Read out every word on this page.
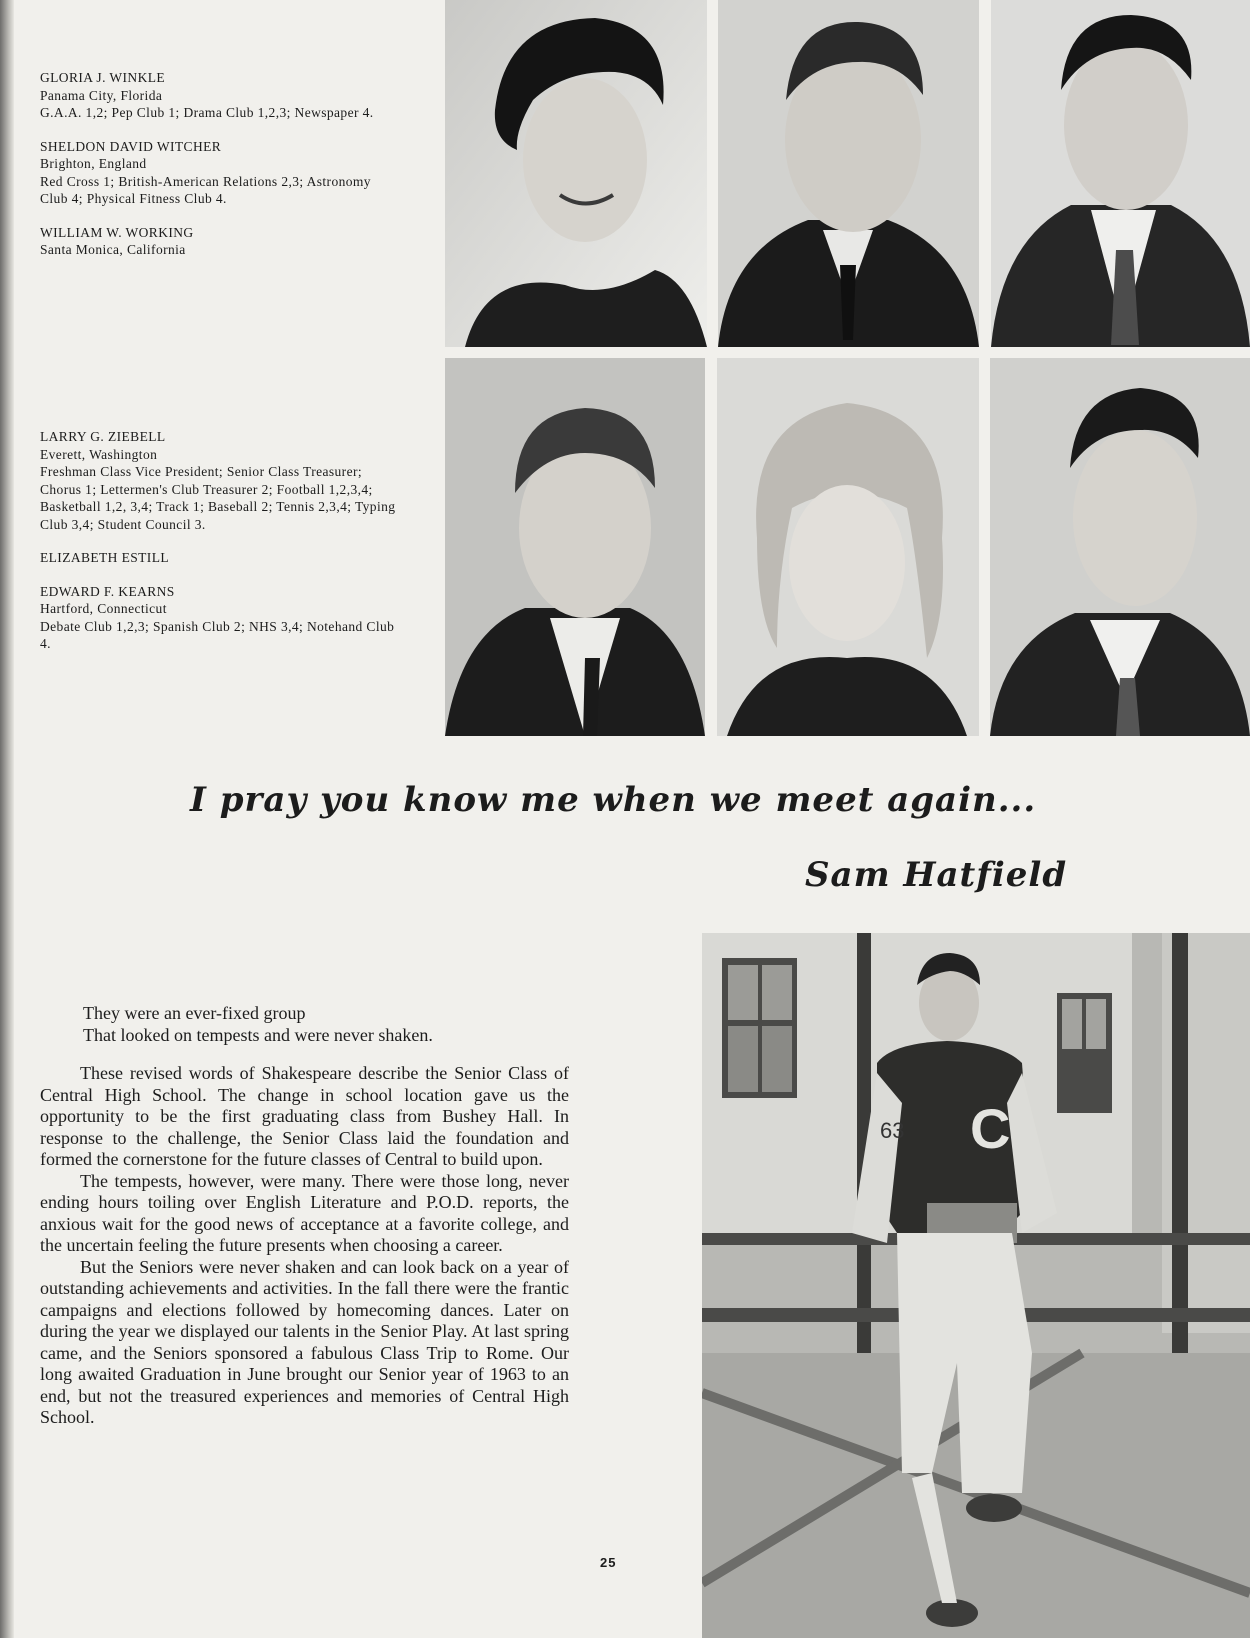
GLORIA J. WINKLE

Panama City, Florida

G.A.A. 1,2; Pep Club 1; Drama Club 1,2,3; Newspaper 4.

SHELDON DAVID WITCHER

Brighton, England

Red Cross 1; British-American Relations 2,3; Astronomy Club 4; Physical Fitness Club 4.

WILLIAM W. WORKING

Santa Monica, California

LARRY G. ZIEBELL

Everett, Washington

Freshman Class Vice President; Senior Class Treasurer; Chorus 1; Lettermen's Club Treasurer 2; Football 1,2,3,4; Basketball 1,2, 3,4; Track 1; Baseball 2; Tennis 2,3,4; Typing Club 3,4; Student Council 3.

ELIZABETH ESTILL

EDWARD F. KEARNS

Hartford, Connecticut

Debate Club 1,2,3; Spanish Club 2; NHS 3,4; Notehand Club 4.

I pray you know me when we meet again...
Sam Hatfield

They were an ever-fixed group

That looked on tempests and were never shaken.

These revised words of Shakespeare describe the Senior Class of Central High School. The change in school location gave us the opportunity to be the first graduating class from Bushey Hall. In response to the challenge, the Senior Class laid the foundation and formed the cornerstone for the future classes of Central to build upon.

The tempests, however, were many. There were those long, never ending hours toiling over English Literature and P.O.D. reports, the anxious wait for the good news of acceptance at a favorite college, and the uncertain feeling the future presents when choosing a career.

But the Seniors were never shaken and can look back on a year of outstanding achievements and activities. In the fall there were the frantic campaigns and elections followed by homecoming dances. Later on during the year we displayed our talents in the Senior Play. At last spring came, and the Seniors sponsored a fabulous Class Trip to Rome. Our long awaited Graduation in June brought our Senior year of 1963 to an end, but not the treasured experiences and memories of Central High School.

25
63 C
